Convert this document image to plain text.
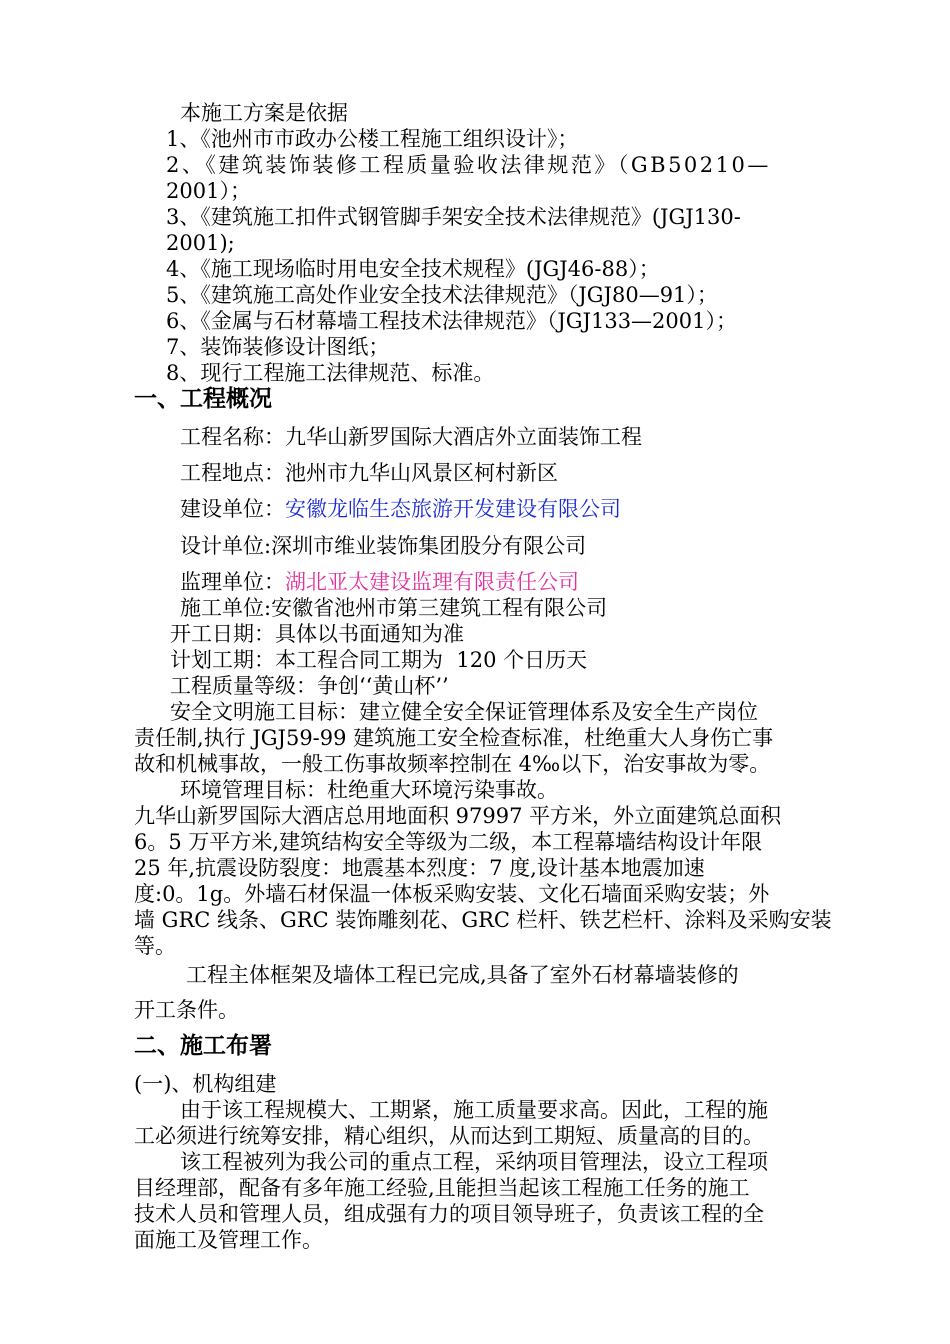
本施工方案是依据
1、《池州市市政办公楼工程施工组织设计》；
2、《建筑装饰装修工程质量验收法律规范》（GB50210—
2001）；
3、《建筑施工扣件式钢管脚手架安全技术法律规范》(JGJ130-
2001);
4、《施工现场临时用电安全技术规程》(JGJ46-88）；
5、《建筑施工高处作业安全技术法律规范》（JGJ80—91）；
6、《金属与石材幕墙工程技术法律规范》（JGJ133—2001）；
7、装饰装修设计图纸；
8、现行工程施工法律规范、标准。
一、工程概况
工程名称：九华山新罗国际大酒店外立面装饰工程
工程地点：池州市九华山风景区柯村新区
建设单位：安徽龙临生态旅游开发建设有限公司
设计单位:深圳市维业装饰集团股分有限公司
监理单位：湖北亚太建设监理有限责任公司
施工单位:安徽省池州市第三建筑工程有限公司
开工日期：具体以书面通知为准
计划工期：本工程合同工期为  120 个日历天
工程质量等级：争创‘‘黄山杯’’
安全文明施工目标：建立健全安全保证管理体系及安全生产岗位
责任制,执行 JGJ59-99 建筑施工安全检查标准，杜绝重大人身伤亡事
故和机械事故，一般工伤事故频率控制在 4‰以下，治安事故为零。
环境管理目标：杜绝重大环境污染事故。
九华山新罗国际大酒店总用地面积 97997 平方米，外立面建筑总面积
6。5 万平方米,建筑结构安全等级为二级，本工程幕墙结构设计年限
25 年,抗震设防裂度：地震基本烈度：7 度,设计基本地震加速
度:0。1g。外墙石材保温一体板采购安装、文化石墙面采购安装；外
墙 GRC 线条、GRC 装饰雕刻花、GRC 栏杆、铁艺栏杆、涂料及采购安装
等。
工程主体框架及墙体工程已完成,具备了室外石材幕墙装修的
开工条件。
二、施工布署
(一)、机构组建
由于该工程规模大、工期紧，施工质量要求高。因此，工程的施
工必须进行统筹安排，精心组织，从而达到工期短、质量高的目的。
该工程被列为我公司的重点工程，采纳项目管理法，设立工程项
目经理部，配备有多年施工经验,且能担当起该工程施工任务的施工
技术人员和管理人员，组成强有力的项目领导班子，负责该工程的全
面施工及管理工作。
